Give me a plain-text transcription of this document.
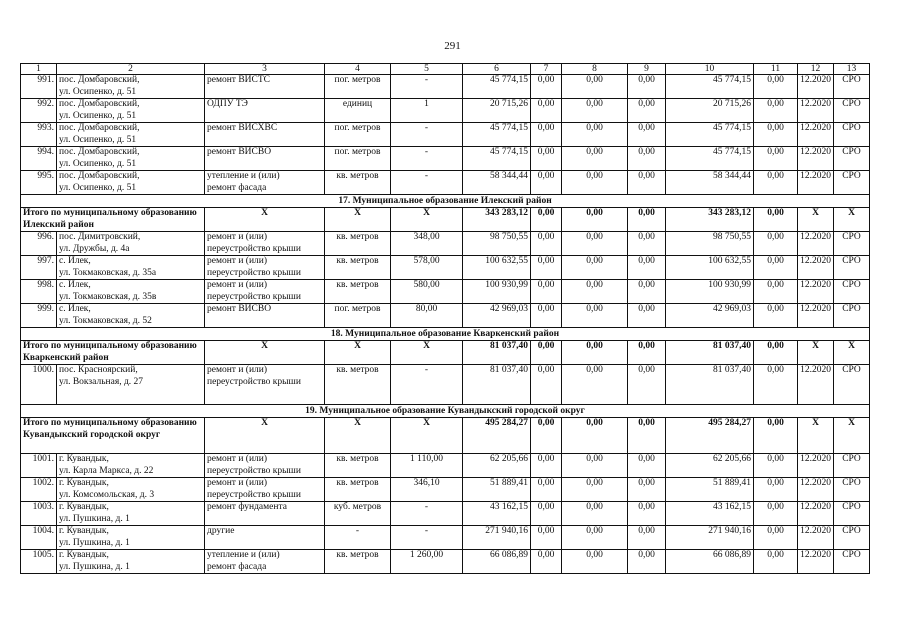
291
1	2	3	4	5	6	7	8	9	10	11	12	13
991.	пос. Домбаровский,
ул. Осипенко, д. 51	ремонт ВИСТС	пог. метров	-	45 774,15	0,00	0,00	0,00	45 774,15	0,00	12.2020	СРО
992.	пос. Домбаровский,
ул. Осипенко, д. 51	ОДПУ ТЭ	единиц	1	20 715,26	0,00	0,00	0,00	20 715,26	0,00	12.2020	СРО
993.	пос. Домбаровский,
ул. Осипенко, д. 51	ремонт ВИСХВС	пог. метров	-	45 774,15	0,00	0,00	0,00	45 774,15	0,00	12.2020	СРО
994.	пос. Домбаровский,
ул. Осипенко, д. 51	ремонт ВИСВО	пог. метров	-	45 774,15	0,00	0,00	0,00	45 774,15	0,00	12.2020	СРО
995.	пос. Домбаровский,
ул. Осипенко, д. 51	утепление и (или)
ремонт фасада	кв. метров	-	58 344,44	0,00	0,00	0,00	58 344,44	0,00	12.2020	СРО
17. Муниципальное образование Илекский район												
Итого по муниципальному образованию Илекский район		Х	Х	Х	343 283,12	0,00	0,00	0,00	343 283,12	0,00	Х	Х
996.	пос. Димитровский,
ул. Дружбы, д. 4а	ремонт и (или)
переустройство крыши	кв. метров	348,00	98 750,55	0,00	0,00	0,00	98 750,55	0,00	12.2020	СРО
997.	с. Илек,
ул. Токмаковская, д. 35а	ремонт и (или)
переустройство крыши	кв. метров	578,00	100 632,55	0,00	0,00	0,00	100 632,55	0,00	12.2020	СРО
998.	с. Илек,
ул. Токмаковская, д. 35в	ремонт и (или)
переустройство крыши	кв. метров	580,00	100 930,99	0,00	0,00	0,00	100 930,99	0,00	12.2020	СРО
999.	с. Илек,
ул. Токмаковская, д. 52	ремонт ВИСВО	пог. метров	80,00	42 969,03	0,00	0,00	0,00	42 969,03	0,00	12.2020	СРО
18. Муниципальное образование Кваркенский район												
Итого по муниципальному образованию Кваркенский район		Х	Х	Х	81 037,40	0,00	0,00	0,00	81 037,40	0,00	Х	Х
1000.	пос. Красноярский,
ул. Вокзальная, д. 27	ремонт и (или)
переустройство крыши	кв. метров	-	81 037,40	0,00	0,00	0,00	81 037,40	0,00	12.2020	СРО
19. Муниципальное образование Кувандыкский городской округ												
Итого по муниципальному образованию Кувандыкский городской округ		Х	Х	Х	495 284,27	0,00	0,00	0,00	495 284,27	0,00	Х	Х
1001.	г. Кувандык,
ул. Карла Маркса, д. 22	ремонт и (или)
переустройство крыши	кв. метров	1 110,00	62 205,66	0,00	0,00	0,00	62 205,66	0,00	12.2020	СРО
1002.	г. Кувандык,
ул. Комсомольская, д. 3	ремонт и (или)
переустройство крыши	кв. метров	346,10	51 889,41	0,00	0,00	0,00	51 889,41	0,00	12.2020	СРО
1003.	г. Кувандык,
ул. Пушкина, д. 1	ремонт фундамента	куб. метров	-	43 162,15	0,00	0,00	0,00	43 162,15	0,00	12.2020	СРО
1004.	г. Кувандык,
ул. Пушкина, д. 1	другие	-	-	271 940,16	0,00	0,00	0,00	271 940,16	0,00	12.2020	СРО
1005.	г. Кувандык,
ул. Пушкина, д. 1	утепление и (или)
ремонт фасада	кв. метров	1 260,00	66 086,89	0,00	0,00	0,00	66 086,89	0,00	12.2020	СРО
